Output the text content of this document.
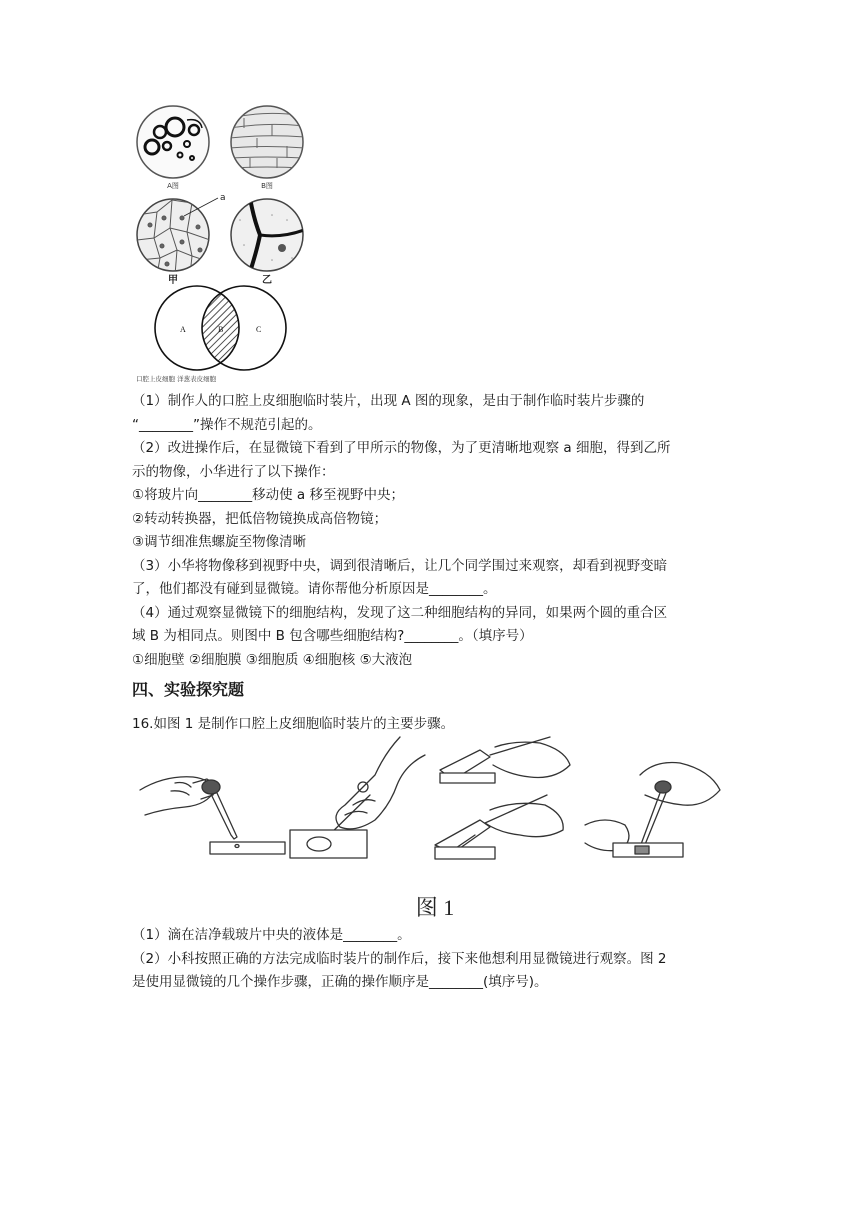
A图	B图
a
甲	乙
A	B	C
口腔上皮细胞 洋葱表皮细胞
（1）制作人的口腔上皮细胞临时装片，出现 A 图的现象，是由于制作临时装片步骤的
“________”操作不规范引起的。
（2）改进操作后，在显微镜下看到了甲所示的物像，为了更清晰地观察 a 细胞，得到乙所
示的物像，小华进行了以下操作：
①将玻片向________移动使 a 移至视野中央；
②转动转换器，把低倍物镜换成高倍物镜；
③调节细准焦螺旋至物像清晰
（3）小华将物像移到视野中央，调到很清晰后，让几个同学围过来观察，却看到视野变暗
了，他们都没有碰到显微镜。请你帮他分析原因是________。
（4）通过观察显微镜下的细胞结构，发现了这二种细胞结构的异同，如果两个圆的重合区
域 B 为相同点。则图中 B 包含哪些细胞结构?________。（填序号）
①细胞壁 ②细胞膜 ③细胞质 ④细胞核 ⑤大液泡
四、实验探究题
16.如图 1 是制作口腔上皮细胞临时装片的主要步骤。
图 1
（1）滴在洁净载玻片中央的液体是________。
（2）小科按照正确的方法完成临时装片的制作后，接下来他想利用显微镜进行观察。图 2
是使用显微镜的几个操作步骤，正确的操作顺序是________(填序号)。
